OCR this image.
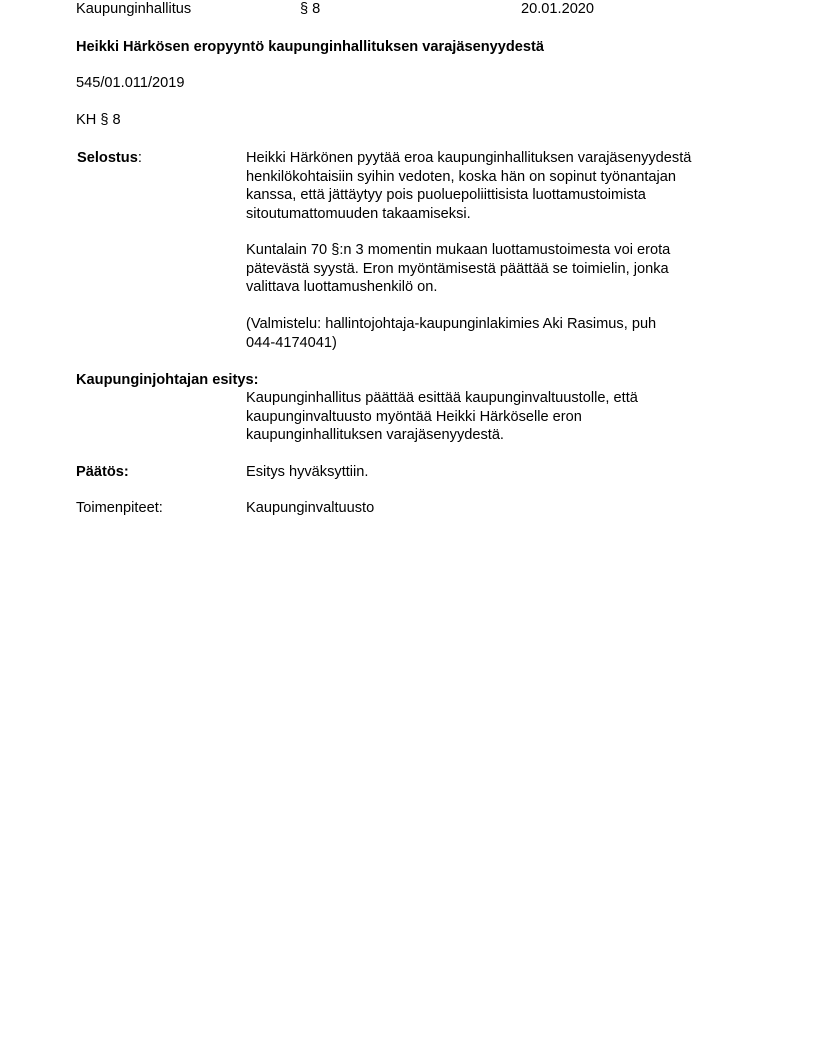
Kaupunginhallitus	§ 8	20.01.2020
Heikki Härkösen eropyyntö kaupunginhallituksen varajäsenyydestä
545/01.011/2019
KH § 8
Selostus:	Heikki Härkönen pyytää eroa kaupunginhallituksen varajäsenyydestä
henkilökohtaisiin syihin vedoten, koska hän on sopinut työnantajan
kanssa, että jättäytyy pois puoluepoliittisista luottamustoimista
sitoutumattomuuden takaamiseksi.
Kuntalain 70 §:n 3 momentin mukaan luottamustoimesta voi erota
pätevästä syystä. Eron myöntämisestä päättää se toimielin, jonka
valittava luottamushenkilö on.
(Valmistelu: hallintojohtaja-kaupunginlakimies Aki Rasimus, puh
044-4174041)
Kaupunginjohtajan esitys:
Kaupunginhallitus päättää esittää kaupunginvaltuustolle, että
kaupunginvaltuusto myöntää Heikki Härköselle eron
kaupunginhallituksen varajäsenyydestä.
Päätös:	Esitys hyväksyttiin.
Toimenpiteet:	Kaupunginvaltuusto
